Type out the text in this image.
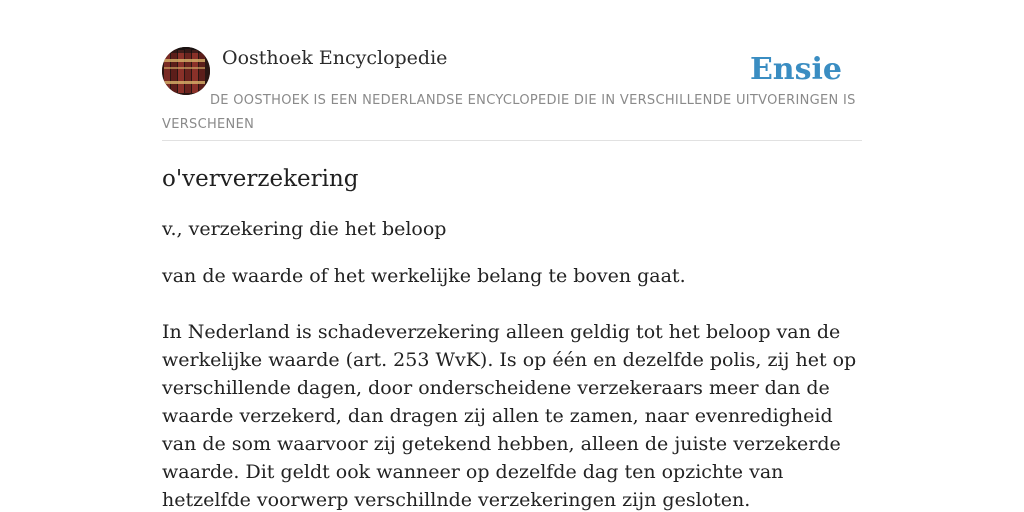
Oosthoek Encyclopedie	Ensie
DE OOSTHOEK IS EEN NEDERLANDSE ENCYCLOPEDIE DIE IN VERSCHILLENDE UITVOERINGEN IS VERSCHENEN
o'ververzekering

v., verzekering die het beloop

van de waarde of het werkelijke belang te boven gaat.

In Nederland is schadeverzekering alleen geldig tot het beloop van de werkelijke waarde (art. 253 WvK). Is op één en dezelfde polis, zij het op verschillende dagen, door onderscheidene verzekeraars meer dan de waarde verzekerd, dan dragen zij allen te zamen, naar evenredigheid van de som waarvoor zij getekend hebben, alleen de juiste verzekerde waarde. Dit geldt ook wanneer op dezelfde dag ten opzichte van hetzelfde voorwerp verschillnde verzekeringen zijn gesloten.
